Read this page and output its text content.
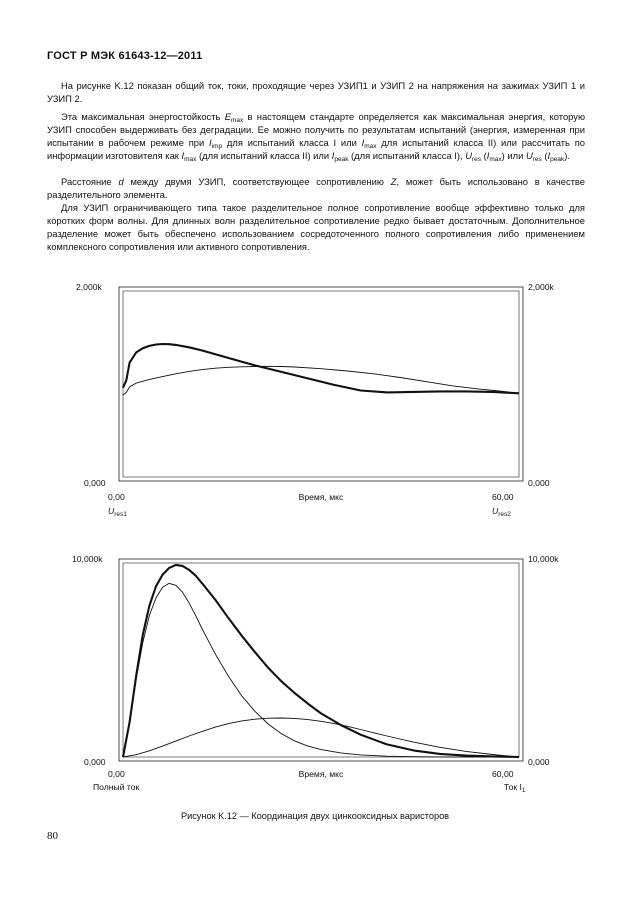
ГОСТ Р МЭК 61643-12—2011
На рисунке K.12 показан общий ток, токи, проходящие через УЗИП1 и УЗИП 2 на напряжения на зажимах УЗИП 1 и УЗИП 2.
Эта максимальная энергостойкость $E_{max}$ в настоящем стандарте определяется как максимальная энергия, которую УЗИП способен выдерживать без деградации. Ее можно получить по результатам испытаний (энергия, измеренная при испытании в рабочем режиме при $I_{imp}$ для испытаний класса I или $I_{max}$ для испытаний класса II) или рассчитать по информации изготовителя как $I_{max}$ (для испытаний класса II) или $I_{peak}$ (для испытаний класса I), $U_{res}$ $(I_{max})$ или $U_{res}$ $(I_{peak})$.
Расстояние d между двумя УЗИП, соответствующее сопротивлению Z, может быть использовано в качестве разделительного элемента.
Для УЗИП ограничивающего типа такое разделительное полное сопротивление вообще эффективно только для коротких форм волны. Для длинных волн разделительное сопротивление редко бывает достаточным. Дополнительное разделение может быть обеспечено использованием сосредоточенного полного сопротивления либо применением комплексного сопротивления или активного сопротивления.
2,000k
0,000
2,000k
0,000
0,00	60,00
Время, мкс
$U_{res1}$	$U_{res2}$
10,000k
0,000
10,000k
0,000
0,00	60,00
Время, мкс
Полный ток	Ток $I_1$
Рисунок K.12 — Координация двух цинкооксидных варисторов
80
